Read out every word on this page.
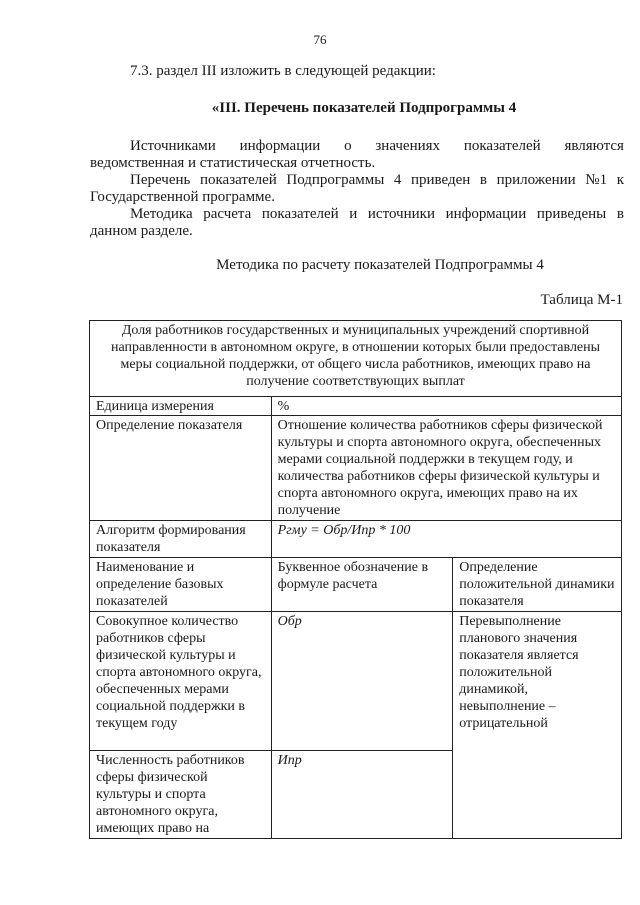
76
7.3. раздел III изложить в следующей редакции:
«III. Перечень показателей Подпрограммы 4
Источниками информации о значениях показателей являются
ведомственная и статистическая отчетность.
Перечень показателей Подпрограммы 4 приведен в приложении №1 к
Государственной программе.
Методика расчета показателей и источники информации приведены в
данном разделе.
Методика по расчету показателей Подпрограммы 4
Таблица М-1
Доля работников государственных и муниципальных учреждений спортивной направленности в автономном округе, в отношении которых были предоставлены меры социальной поддержки, от общего числа работников, имеющих право на получение соответствующих выплат		
Единица измерения	%	
Определение показателя	Отношение количества работников сферы физической культуры и спорта автономного округа, обеспеченных мерами социальной поддержки в текущем году, и количества работников сферы физической культуры и спорта автономного округа, имеющих право на их получение	
Алгоритм формирования показателя	Pгму = Обр/Ипр * 100	
Наименование и определение базовых показателей	Буквенное обозначение в формуле расчета	Определение положительной динамики показателя
Совокупное количество работников сферы физической культуры и спорта автономного округа, обеспеченных мерами социальной поддержки в текущем году	Обр	Перевыполнение планового значения показателя является положительной динамикой, невыполнение – отрицательной
Численность работников сферы физической культуры и спорта автономного округа, имеющих право на	Ипр	
